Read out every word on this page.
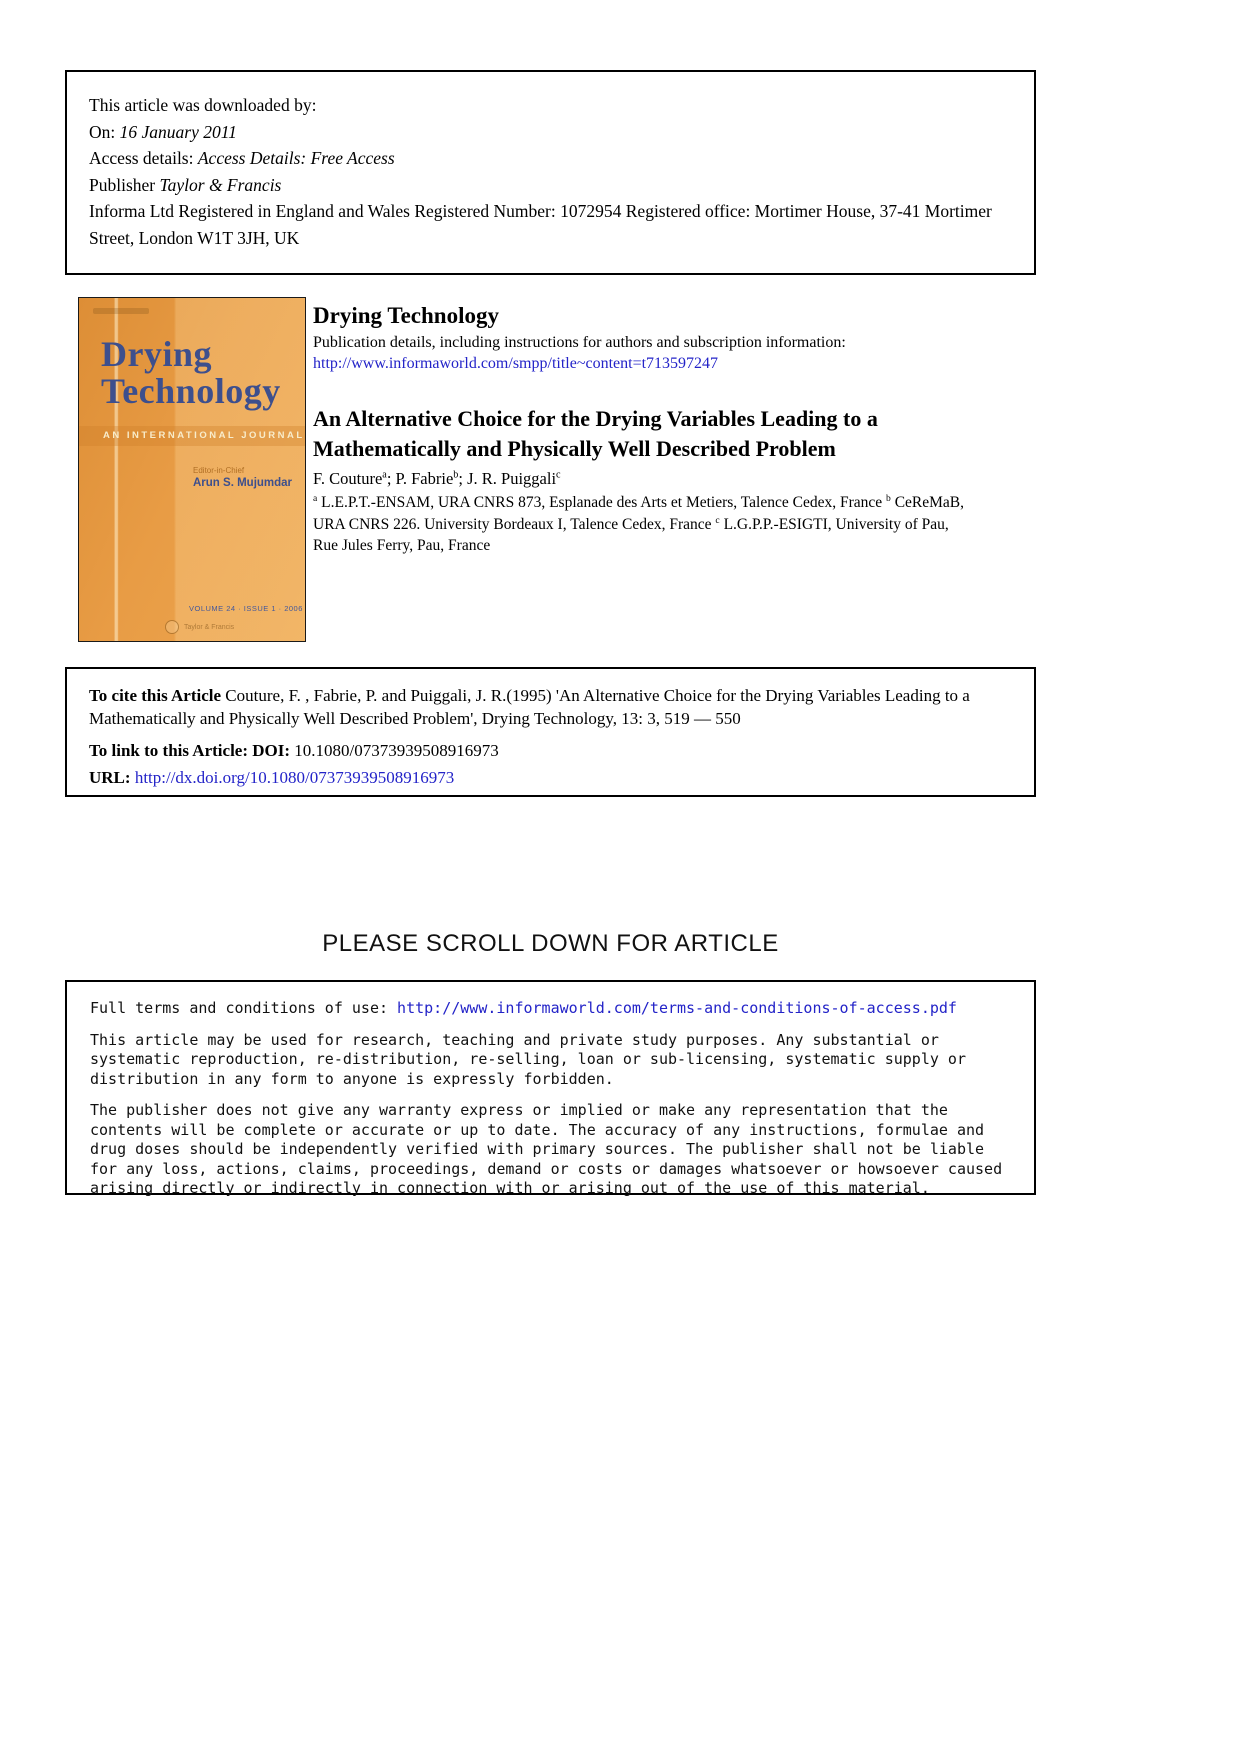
This article was downloaded by:
On: 16 January 2011
Access details: Access Details: Free Access
Publisher Taylor & Francis
Informa Ltd Registered in England and Wales Registered Number: 1072954 Registered office: Mortimer House, 37-41 Mortimer Street, London W1T 3JH, UK
Drying
Technology
AN INTERNATIONAL JOURNAL
Editor-in-Chief
Arun S. Mujumdar
VOLUME 24 · ISSUE 1 · 2006
Taylor & Francis
Drying Technology
Publication details, including instructions for authors and subscription information:
http://www.informaworld.com/smpp/title~content=t713597247
An Alternative Choice for the Drying Variables Leading to a Mathematically and Physically Well Described Problem
F. Couture$^a$; P. Fabrie$^b$; J. R. Puiggali$^c$
$^a$ L.E.P.T.-ENSAM, URA CNRS 873, Esplanade des Arts et Metiers, Talence Cedex, France $^b$ CeReMaB,
URA CNRS 226. University Bordeaux I, Talence Cedex, France $^c$ L.G.P.P.-ESIGTI, University of Pau,
Rue Jules Ferry, Pau, France
To cite this Article Couture, F. , Fabrie, P. and Puiggali, J. R.(1995) 'An Alternative Choice for the Drying Variables Leading to a Mathematically and Physically Well Described Problem', Drying Technology, 13: 3, 519 — 550
To link to this Article: DOI: 10.1080/07373939508916973
URL: http://dx.doi.org/10.1080/07373939508916973
PLEASE SCROLL DOWN FOR ARTICLE

Full terms and conditions of use: http://www.informaworld.com/terms-and-conditions-of-access.pdf

This article may be used for research, teaching and private study purposes. Any substantial or systematic reproduction, re-distribution, re-selling, loan or sub-licensing, systematic supply or distribution in any form to anyone is expressly forbidden.

The publisher does not give any warranty express or implied or make any representation that the contents will be complete or accurate or up to date. The accuracy of any instructions, formulae and drug doses should be independently verified with primary sources. The publisher shall not be liable for any loss, actions, claims, proceedings, demand or costs or damages whatsoever or howsoever caused arising directly or indirectly in connection with or arising out of the use of this material.
